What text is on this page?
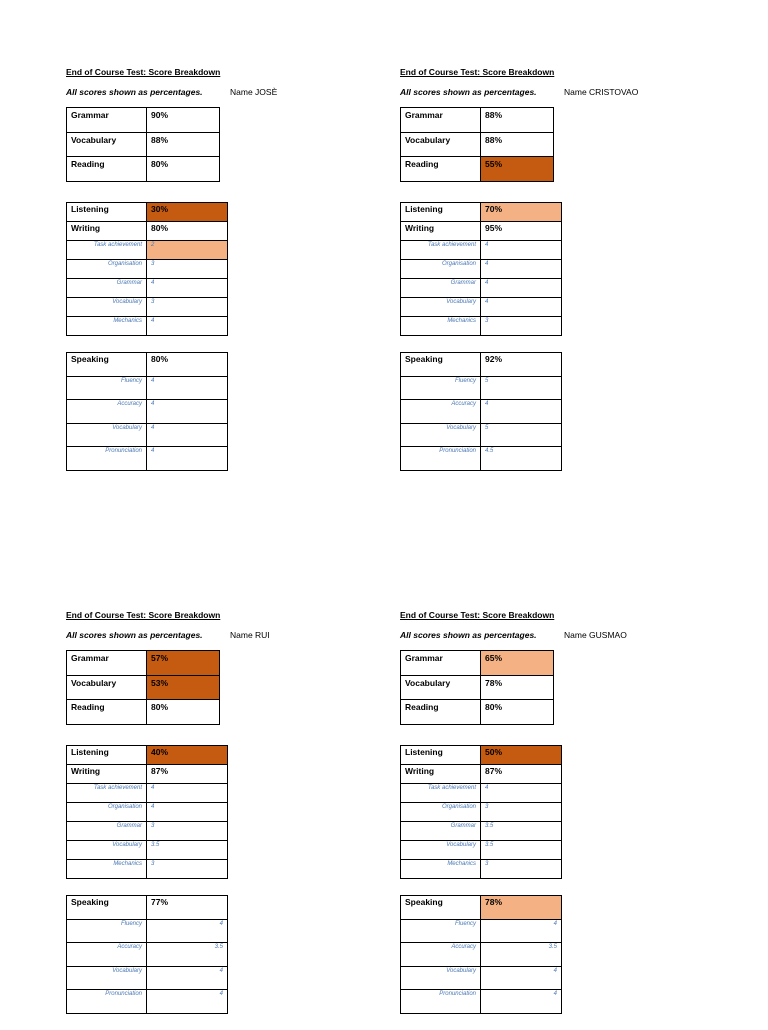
End of Course Test: Score Breakdown
All scores shown as percentages.	Name JOSÈ
Grammar	90%
Vocabulary	88%
Reading	80%
Listening	30%
Writing	80%
Task achievement	2
Organisation	3
Grammar	4
Vocabulary	3
Mechanics	4
Speaking	80%
Fluency	4
Accuracy	4
Vocabulary	4
Pronunciation	4
End of Course Test: Score Breakdown
All scores shown as percentages.	Name CRISTOVAO
Grammar	88%
Vocabulary	88%
Reading	55%
Listening	70%
Writing	95%
Task achievement	4
Organisation	4
Grammar	4
Vocabulary	4
Mechanics	3
Speaking	92%
Fluency	5
Accuracy	4
Vocabulary	5
Pronunciation	4.5
End of Course Test: Score Breakdown
All scores shown as percentages.	Name RUI
Grammar	57%
Vocabulary	53%
Reading	80%
Listening	40%
Writing	87%
Task achievement	4
Organisation	4
Grammar	3
Vocabulary	3.5
Mechanics	3
Speaking	77%
Fluency	4
Accuracy	3.5
Vocabulary	4
Pronunciation	4
End of Course Test: Score Breakdown
All scores shown as percentages.	Name GUSMAO
Grammar	65%
Vocabulary	78%
Reading	80%
Listening	50%
Writing	87%
Task achievement	4
Organisation	3
Grammar	3.5
Vocabulary	3.5
Mechanics	3
Speaking	78%
Fluency	4
Accuracy	3.5
Vocabulary	4
Pronunciation	4
